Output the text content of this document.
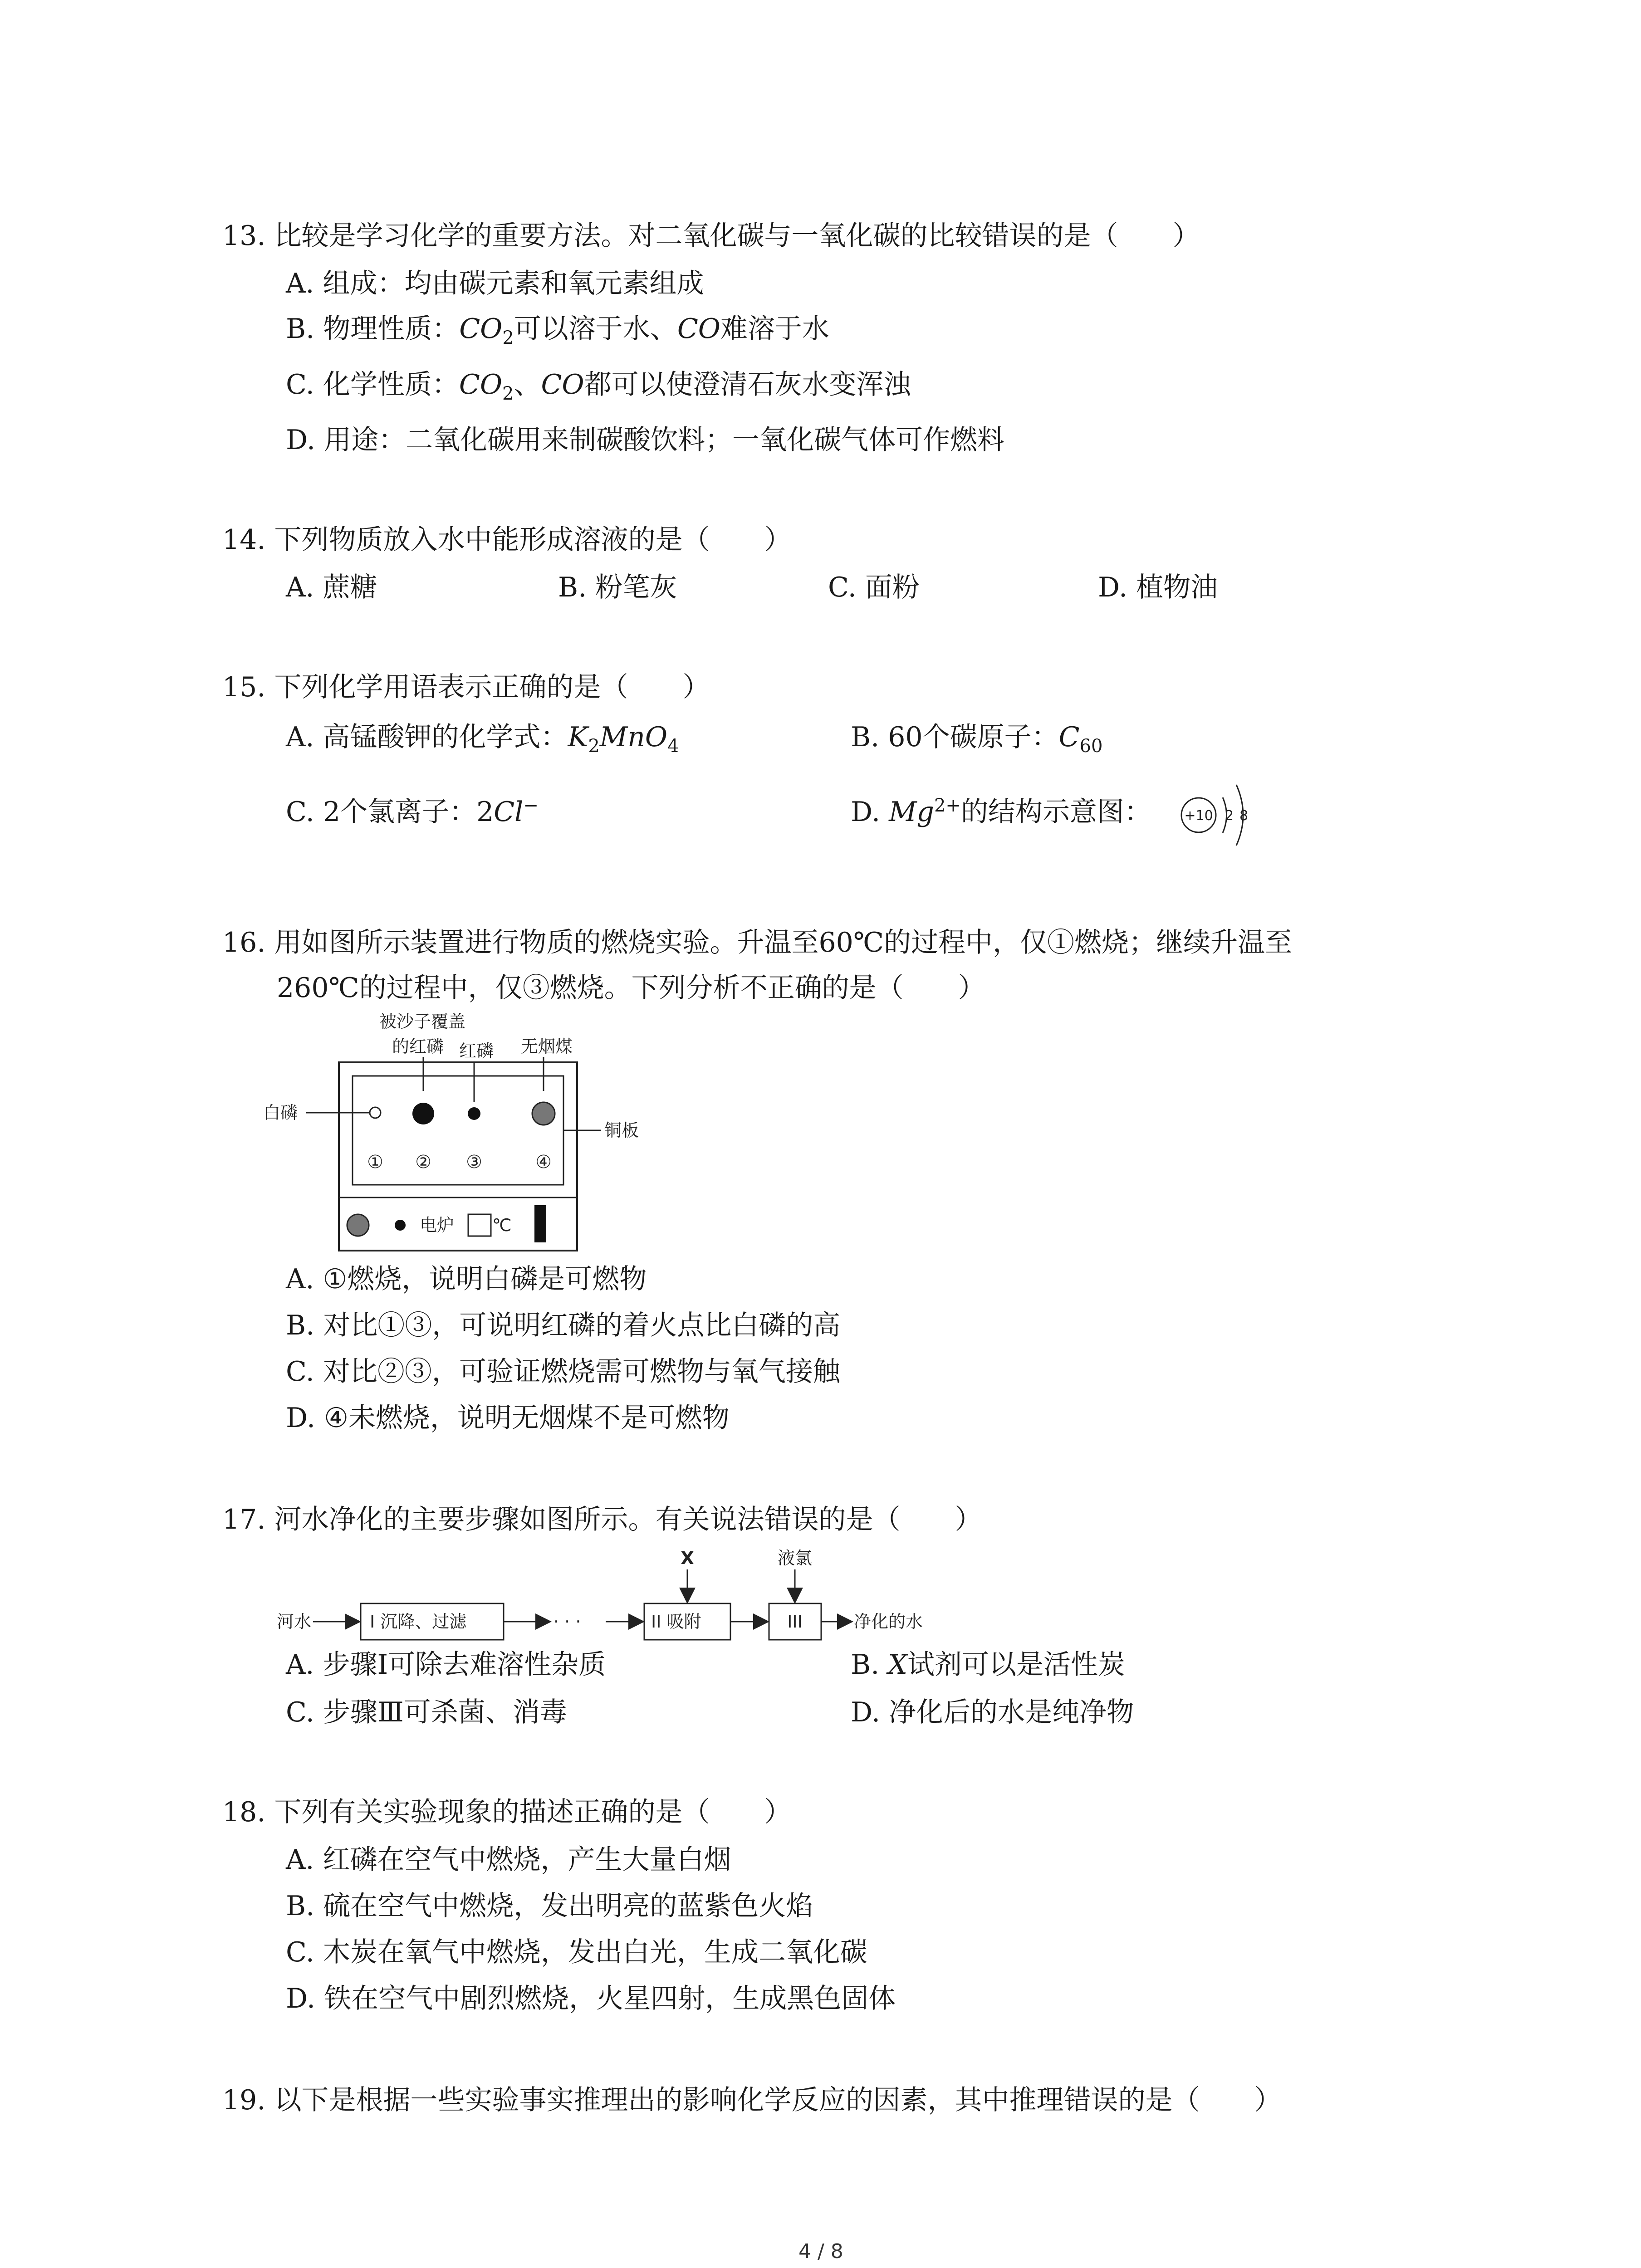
13. 比较是学习化学的重要方法。对二氧化碳与一氧化碳的比较错误的是（　　）
A. 组成：均由碳元素和氧元素组成
B. 物理性质：$CO_2$可以溶于水、CO难溶于水
C. 化学性质：$CO_2$、CO都可以使澄清石灰水变浑浊
D. 用途：二氧化碳用来制碳酸饮料；一氧化碳气体可作燃料
14. 下列物质放入水中能形成溶液的是（　　）
A. 蔗糖	B. 粉笔灰	C. 面粉	D. 植物油
15. 下列化学用语表示正确的是（　　）
A. 高锰酸钾的化学式：$K_2MnO_4$	B. 60个碳原子：$C_{60}$
C. 2个氯离子：2Cl−	D. $Mg^{2+}$的结构示意图： +10 2 8
16. 用如图所示装置进行物质的燃烧实验。升温至60℃的过程中，仅①燃烧；继续升温至
260℃的过程中，仅③燃烧。下列分析不正确的是（　　）
被沙子覆盖
的红磷 红磷 无烟煤
白磷
铜板
① ② ③	④
电炉 ℃
A. ①燃烧，说明白磷是可燃物
B. 对比①③，可说明红磷的着火点比白磷的高
C. 对比②③，可验证燃烧需可燃物与氧气接触
D. ④未燃烧，说明无烟煤不是可燃物
17. 河水净化的主要步骤如图所示。有关说法错误的是（　　）
河水	I 沉降、过滤	· · ·	II 吸附
X
III
液氯
净化的水
A. 步骤Ⅰ可除去难溶性杂质	B. X试剂可以是活性炭
C. 步骤Ⅲ可杀菌、消毒	D. 净化后的水是纯净物
18. 下列有关实验现象的描述正确的是（　　）
A. 红磷在空气中燃烧，产生大量白烟
B. 硫在空气中燃烧，发出明亮的蓝紫色火焰
C. 木炭在氧气中燃烧，发出白光，生成二氧化碳
D. 铁在空气中剧烈燃烧，火星四射，生成黑色固体
19. 以下是根据一些实验事实推理出的影响化学反应的因素，其中推理错误的是（　　）
4 / 8
